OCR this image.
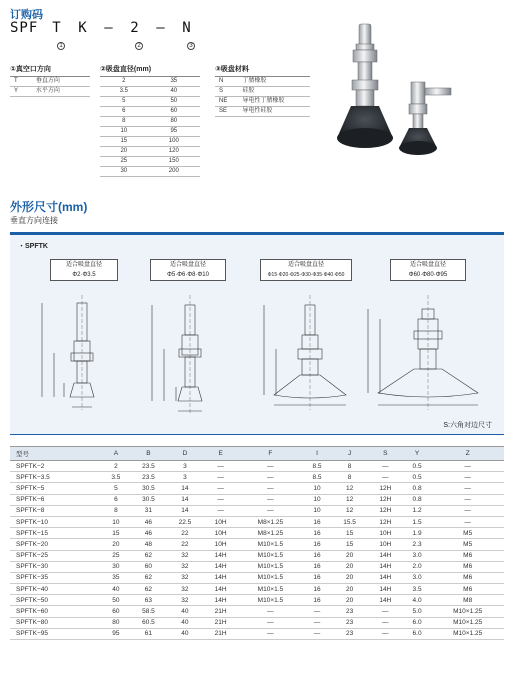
订购码
SPF T	K	–	2	–	N
1	2	3
①真空口方向
T	垂直方向
Y	水平方向
②吸盘直径(mm)
2	35
3.5	40
5	50
6	60
8	80
10	95
15	100
20	120
25	150
30	200
③吸盘材料
N	丁腈橡胶
S	硅胶
NE	导电性丁腈橡胶
SE	导电性硅胶
外形尺寸(mm)
垂直方向连接
・SPFTK
适合吸盘直径
Φ2·Φ3.5
适合吸盘直径
Φ5·Φ6·Φ8·Φ10
适合吸盘直径
Φ15·Φ20·Φ25·Φ30·Φ35·Φ40·Φ50
适合吸盘直径
Φ60·Φ80·Φ95
S:六角对边尺寸
型号	A	B	D	E	F	I	J	S	Y	Z
SPFTK−2	2	23.5	3	—	—	8.5	8	—	0.5	—
SPFTK−3.5	3.5	23.5	3	—	—	8.5	8	—	0.5	—
SPFTK−5	5	30.5	14	—	—	10	12	12H	0.8	—
SPFTK−6	6	30.5	14	—	—	10	12	12H	0.8	—
SPFTK−8	8	31	14	—	—	10	12	12H	1.2	—
SPFTK−10	10	46	22.5	10H	M8×1.25	16	15.5	12H	1.5	—
SPFTK−15	15	46	22	10H	M8×1.25	16	15	10H	1.9	M5
SPFTK−20	20	48	22	10H	M10×1.5	16	15	10H	2.3	M5
SPFTK−25	25	62	32	14H	M10×1.5	16	20	14H	3.0	M6
SPFTK−30	30	60	32	14H	M10×1.5	16	20	14H	2.0	M6
SPFTK−35	35	62	32	14H	M10×1.5	16	20	14H	3.0	M6
SPFTK−40	40	62	32	14H	M10×1.5	16	20	14H	3.5	M6
SPFTK−50	50	63	32	14H	M10×1.5	16	20	14H	4.0	M8
SPFTK−60	60	58.5	40	21H	—	—	23	—	5.0	M10×1.25
SPFTK−80	80	60.5	40	21H	—	—	23	—	6.0	M10×1.25
SPFTK−95	95	61	40	21H	—	—	23	—	6.0	M10×1.25
